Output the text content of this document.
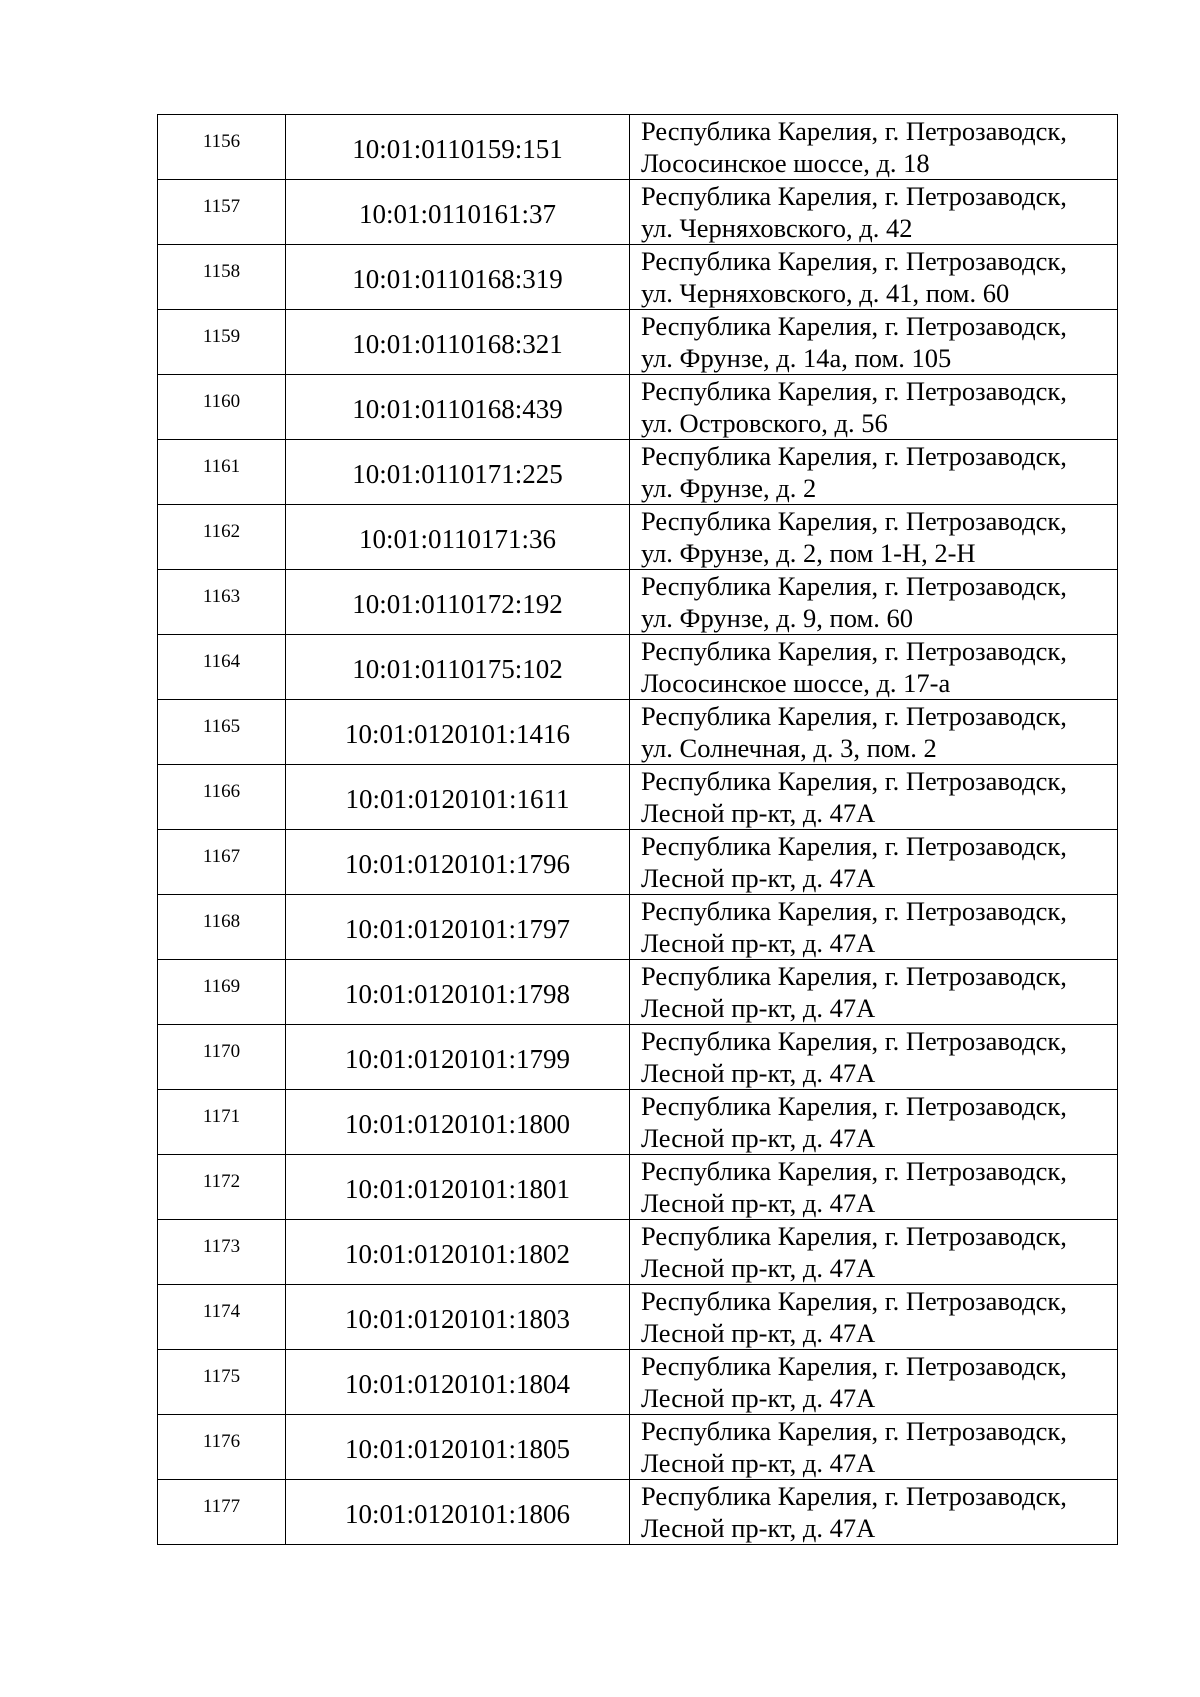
1156	10:01:0110159:151	Республика Карелия, г. Петрозаводск,
Лососинское шоссе, д. 18

1157	10:01:0110161:37	Республика Карелия, г. Петрозаводск,
ул. Черняховского, д. 42

1158	10:01:0110168:319	Республика Карелия, г. Петрозаводск,
ул. Черняховского, д. 41, пом. 60

1159	10:01:0110168:321	Республика Карелия, г. Петрозаводск,
ул. Фрунзе, д. 14а, пом. 105

1160	10:01:0110168:439	Республика Карелия, г. Петрозаводск,
ул. Островского, д. 56

1161	10:01:0110171:225	Республика Карелия, г. Петрозаводск,
ул. Фрунзе, д. 2

1162	10:01:0110171:36	Республика Карелия, г. Петрозаводск,
ул. Фрунзе, д. 2, пом 1-Н, 2-Н

1163	10:01:0110172:192	Республика Карелия, г. Петрозаводск,
ул. Фрунзе, д. 9, пом. 60

1164	10:01:0110175:102	Республика Карелия, г. Петрозаводск,
Лососинское шоссе, д. 17-а

1165	10:01:0120101:1416	Республика Карелия, г. Петрозаводск,
ул. Солнечная, д. 3, пом. 2

1166	10:01:0120101:1611	Республика Карелия, г. Петрозаводск,
Лесной пр-кт, д. 47А

1167	10:01:0120101:1796	Республика Карелия, г. Петрозаводск,
Лесной пр-кт, д. 47А

1168	10:01:0120101:1797	Республика Карелия, г. Петрозаводск,
Лесной пр-кт, д. 47А

1169	10:01:0120101:1798	Республика Карелия, г. Петрозаводск,
Лесной пр-кт, д. 47А

1170	10:01:0120101:1799	Республика Карелия, г. Петрозаводск,
Лесной пр-кт, д. 47А

1171	10:01:0120101:1800	Республика Карелия, г. Петрозаводск,
Лесной пр-кт, д. 47А

1172	10:01:0120101:1801	Республика Карелия, г. Петрозаводск,
Лесной пр-кт, д. 47А

1173	10:01:0120101:1802	Республика Карелия, г. Петрозаводск,
Лесной пр-кт, д. 47А

1174	10:01:0120101:1803	Республика Карелия, г. Петрозаводск,
Лесной пр-кт, д. 47А

1175	10:01:0120101:1804	Республика Карелия, г. Петрозаводск,
Лесной пр-кт, д. 47А

1176	10:01:0120101:1805	Республика Карелия, г. Петрозаводск,
Лесной пр-кт, д. 47А

1177	10:01:0120101:1806	Республика Карелия, г. Петрозаводск,
Лесной пр-кт, д. 47А
